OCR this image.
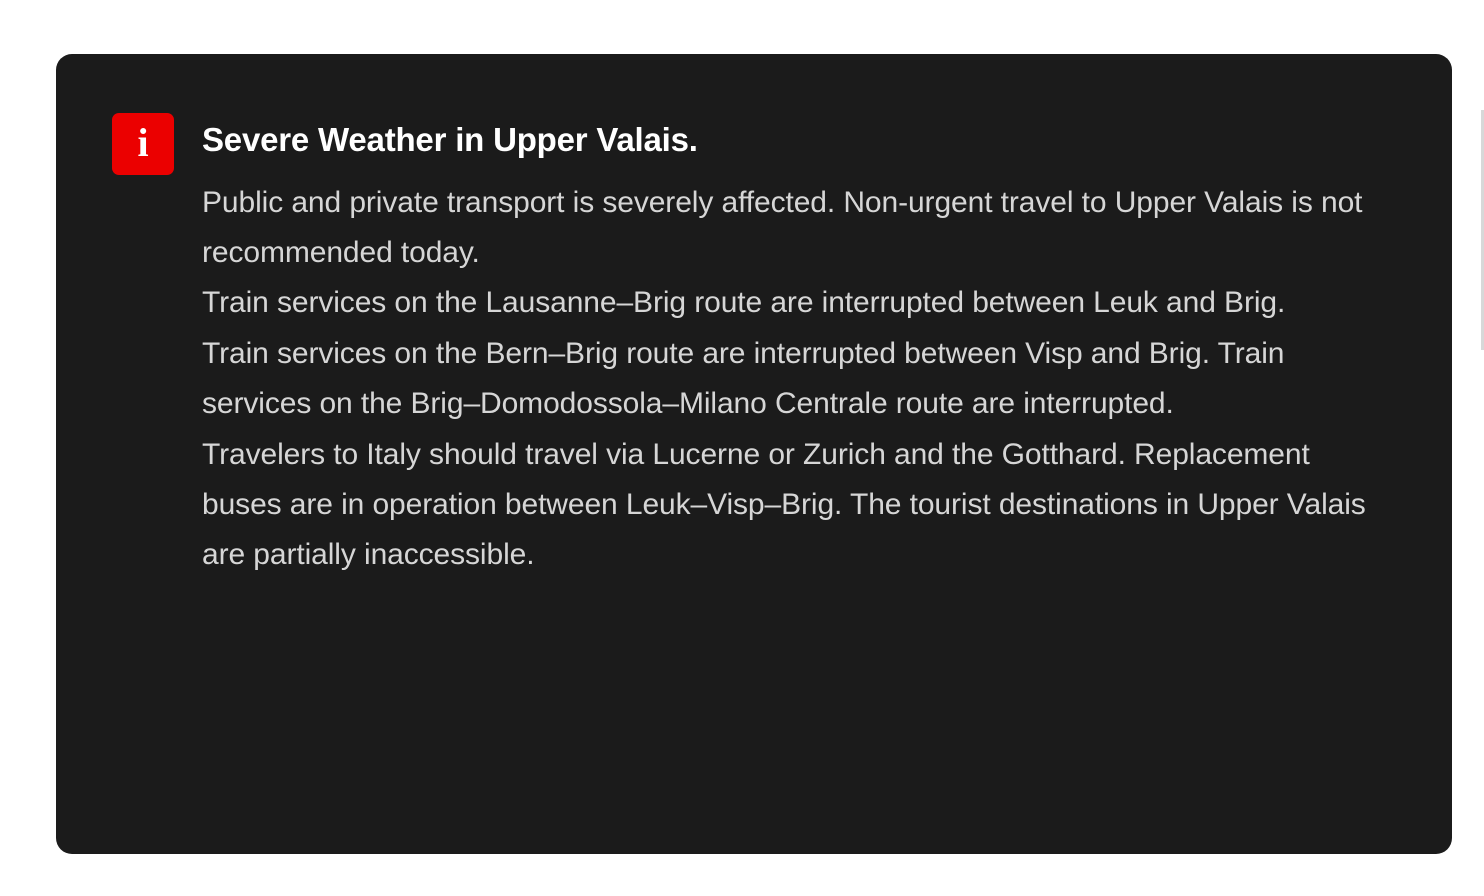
i Severe Weather in Upper Valais.

Public and private transport is severely affected. Non-urgent travel to Upper Valais is not recommended today.

Train services on the Lausanne–Brig route are interrupted between Leuk and Brig.

Train services on the Bern–Brig route are interrupted between Visp and Brig. Train services on the Brig–Domodossola–Milano Centrale route are interrupted.

Travelers to Italy should travel via Lucerne or Zurich and the Gotthard. Replacement buses are in operation between Leuk–Visp–Brig. The tourist destinations in Upper Valais are partially inaccessible.
